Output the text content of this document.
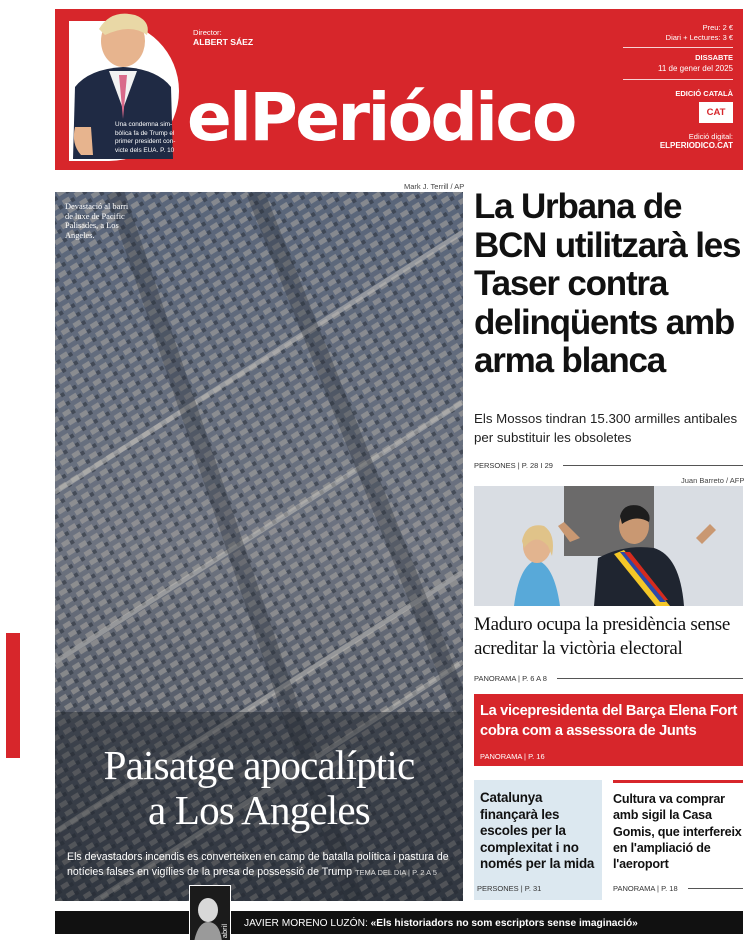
Una condemna sim- bòlica fa de Trump el primer president con- victe dels EUA. P. 10
Director:
ALBERT SÁEZ
elPeriódico
Preu: 2 €
Diari + Lectures: 3 €
DISSABTE
11 de gener del 2025
EDICIÓ CATALÀ
CAT
Edició digital:
ELPERIODICO.CAT
Mark J. Terrill / AP
Devastació al barri de luxe de Pacific Palisades, a Los Angeles.
Paisatge apocalíptic
a Los Angeles
Els devastadors incendis es converteixen en camp de batalla política i pastura de notícies falses en vigílies de la presa de possessió de Trump TEMA DEL DIA | P. 2 A 5
La Urbana de BCN utilitzarà les Taser contra delinqüents amb arma blanca
Els Mossos tindran 15.300 armilles antibales per substituir les obsoletes
PERSONES | P. 28 I 29
Juan Barreto / AFP
Maduro ocupa la presidència sense acreditar la victòria electoral
PANORAMA | P. 6 A 8
La vicepresidenta del Barça Elena Fort cobra com a assessora de Junts
PANORAMA | P. 16
Catalunya finançarà les escoles per la complexitat i no només per la mida
PERSONES | P. 31
Cultura va comprar amb sigil la Casa Gomis, que interfereix en l'ampliació de l'aeroport
PANORAMA | P. 18
abril
JAVIER MORENO LUZÓN: «Els historiadors no som escriptors sense imaginació»
